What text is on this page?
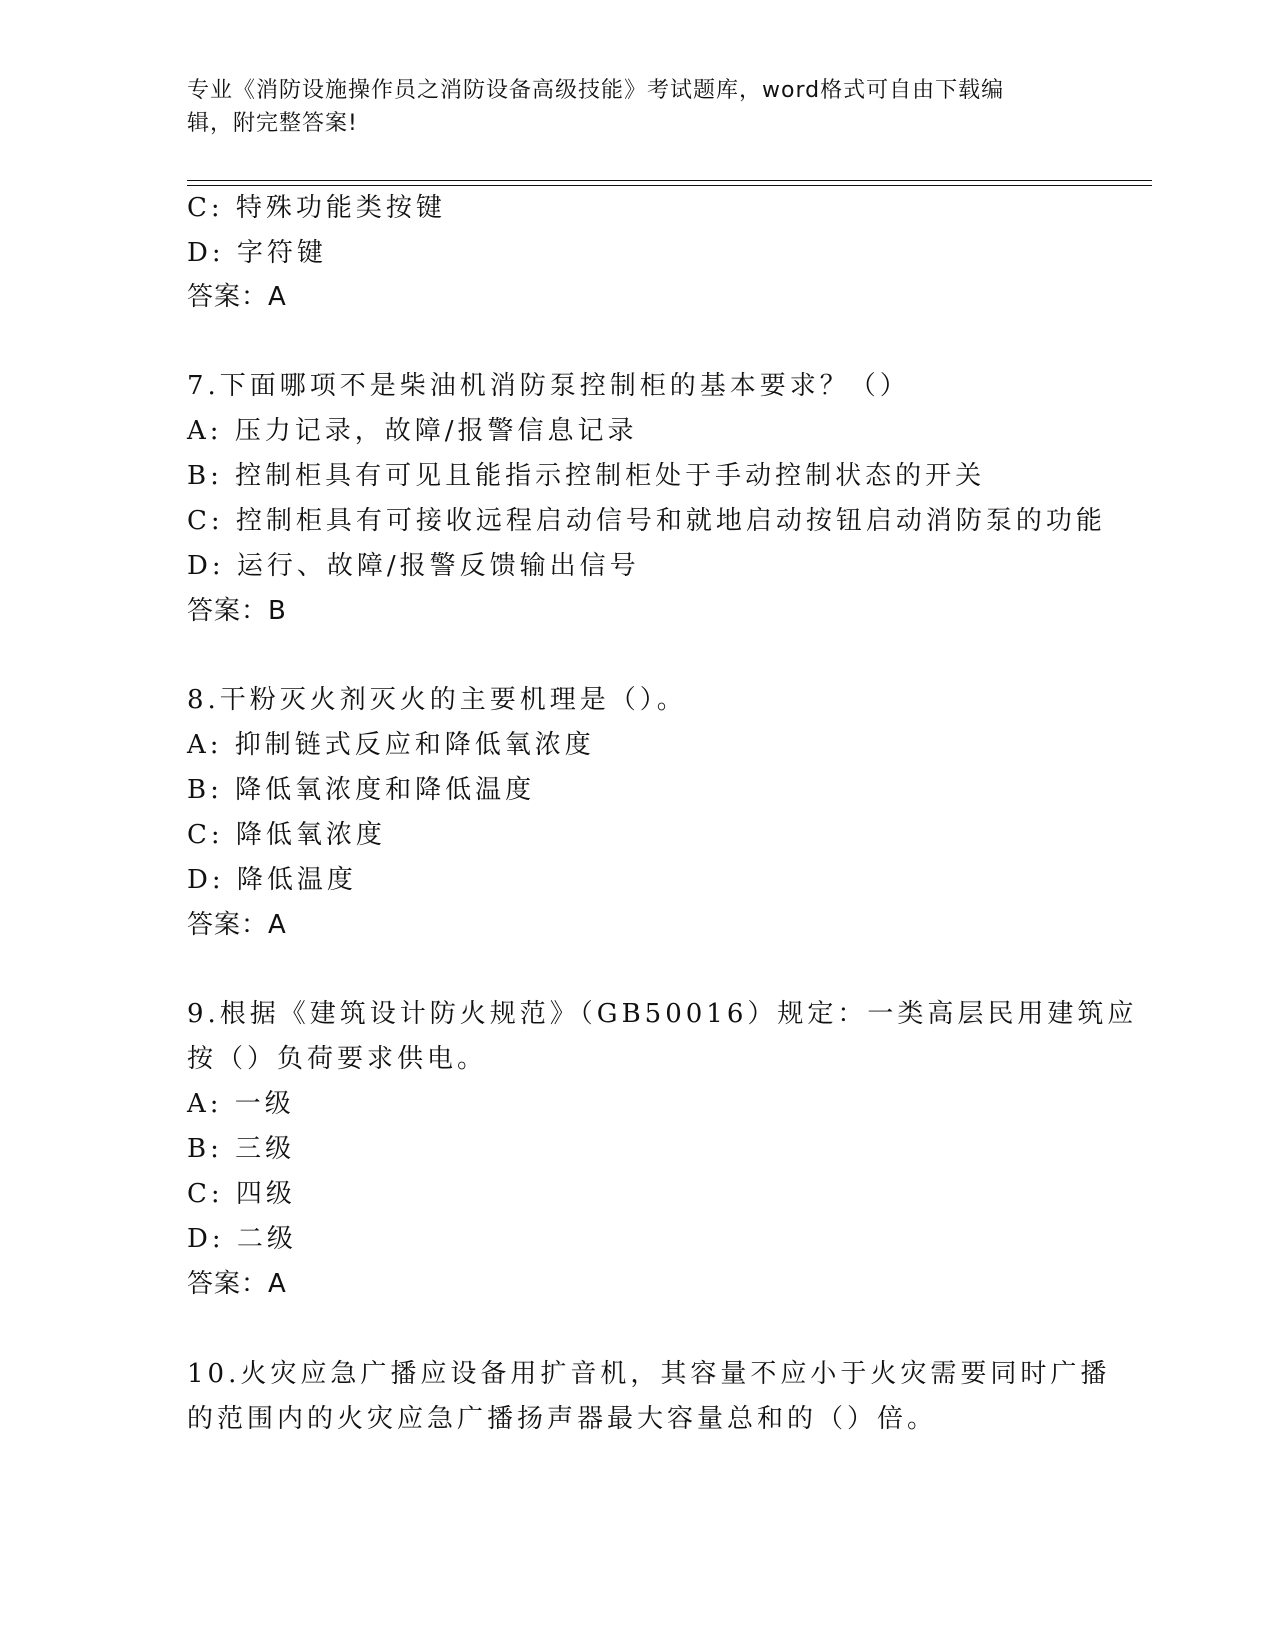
专业《消防设施操作员之消防设备高级技能》考试题库，word格式可自由下载编
辑，附完整答案!
C: 特殊功能类按键
D: 字符键
答案：A
7.下面哪项不是柴油机消防泵控制柜的基本要求？（）
A: 压力记录，故障/报警信息记录
B: 控制柜具有可见且能指示控制柜处于手动控制状态的开关
C: 控制柜具有可接收远程启动信号和就地启动按钮启动消防泵的功能
D: 运行、故障/报警反馈输出信号
答案：B
8.干粉灭火剂灭火的主要机理是（）。
A: 抑制链式反应和降低氧浓度
B: 降低氧浓度和降低温度
C: 降低氧浓度
D: 降低温度
答案：A
9.根据《建筑设计防火规范》（GB50016）规定：一类高层民用建筑应
按（）负荷要求供电。
A: 一级
B: 三级
C: 四级
D: 二级
答案：A
10.火灾应急广播应设备用扩音机，其容量不应小于火灾需要同时广播
的范围内的火灾应急广播扬声器最大容量总和的（）倍。
